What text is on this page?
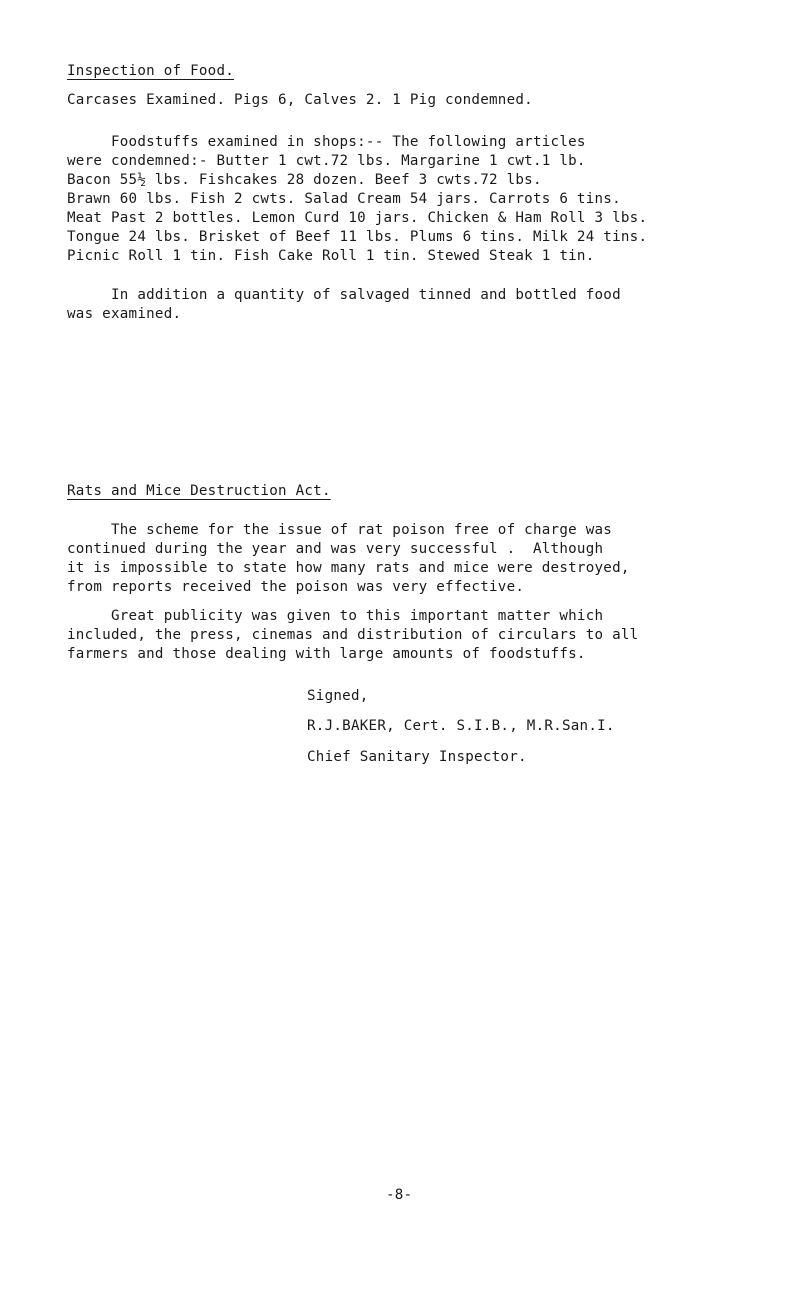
Inspection of Food.

Carcases Examined. Pigs 6, Calves 2. 1 Pig condemned.

Foodstuffs examined in shops:-- The following articles
were condemned:- Butter 1 cwt.72 lbs. Margarine 1 cwt.1 lb.
Bacon 55½ lbs. Fishcakes 28 dozen. Beef 3 cwts.72 lbs.
Brawn 60 lbs. Fish 2 cwts. Salad Cream 54 jars. Carrots 6 tins.
Meat Past 2 bottles. Lemon Curd 10 jars. Chicken & Ham Roll 3 lbs.
Tongue 24 lbs. Brisket of Beef 11 lbs. Plums 6 tins. Milk 24 tins.
Picnic Roll 1 tin. Fish Cake Roll 1 tin. Stewed Steak 1 tin.

In addition a quantity of salvaged tinned and bottled food
was examined.

Rats and Mice Destruction Act.

The scheme for the issue of rat poison free of charge was
continued during the year and was very successful .  Although
it is impossible to state how many rats and mice were destroyed,
from reports received the poison was very effective.

Great publicity was given to this important matter which
included, the press, cinemas and distribution of circulars to all
farmers and those dealing with large amounts of foodstuffs.

Signed,

R.J.BAKER, Cert. S.I.B., M.R.San.I.

Chief Sanitary Inspector.

-8-
